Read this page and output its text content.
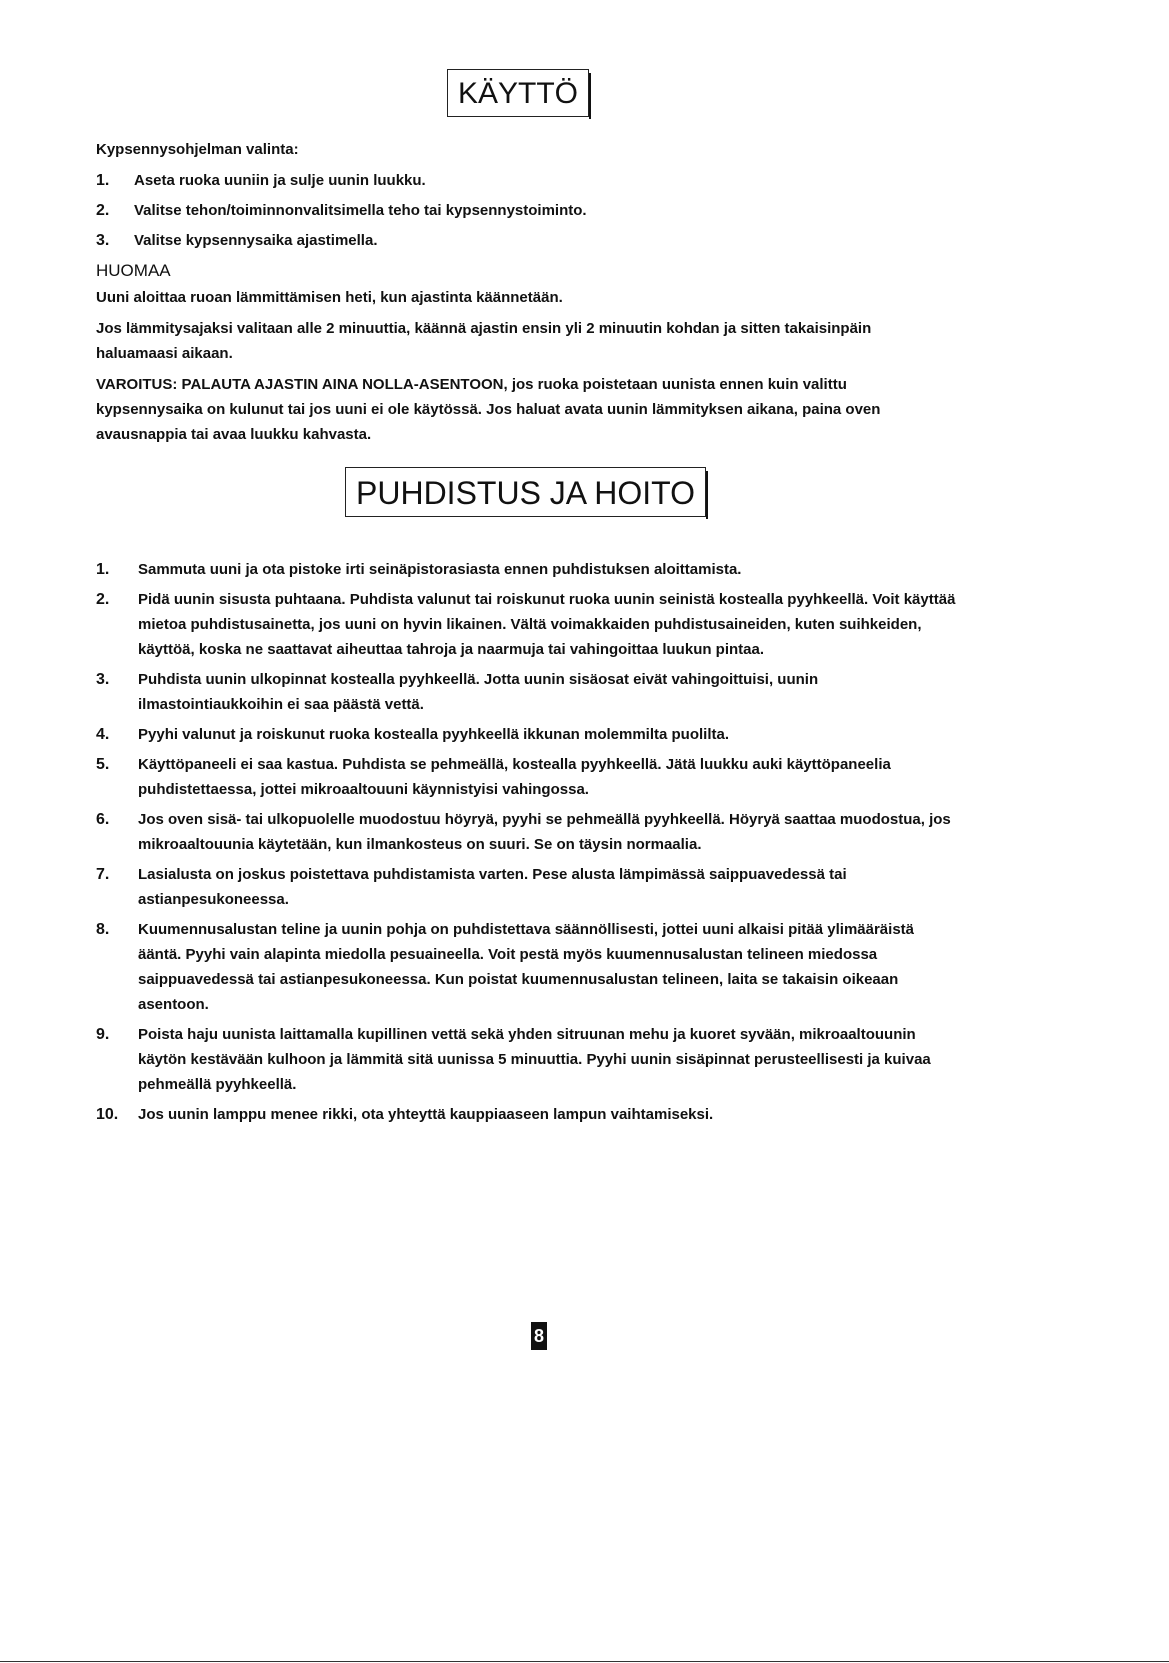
KÄYTTÖ
Kypsennysohjelman valinta:
1.	Aseta ruoka uuniin ja sulje uunin luukku.
2.	Valitse tehon/toiminnonvalitsimella teho tai kypsennystoiminto.
3.	Valitse kypsennysaika ajastimella.
HUOMAA
Uuni aloittaa ruoan lämmittämisen heti, kun ajastinta käännetään.
Jos lämmitysajaksi valitaan alle 2 minuuttia, käännä ajastin ensin yli 2 minuutin kohdan ja sitten takaisinpäin haluamaasi aikaan.
VAROITUS: PALAUTA AJASTIN AINA NOLLA-ASENTOON, jos ruoka poistetaan uunista ennen kuin valittu kypsennysaika on kulunut tai jos uuni ei ole käytössä. Jos haluat avata uunin lämmityksen aikana, paina oven avausnappia tai avaa luukku kahvasta.
PUHDISTUS JA HOITO
1.	Sammuta uuni ja ota pistoke irti seinäpistorasiasta ennen puhdistuksen aloittamista.
2.	Pidä uunin sisusta puhtaana. Puhdista valunut tai roiskunut ruoka uunin seinistä kostealla pyyhkeellä. Voit käyttää mietoa puhdistusainetta, jos uuni on hyvin likainen. Vältä voimakkaiden puhdistusaineiden, kuten suihkeiden, käyttöä, koska ne saattavat aiheuttaa tahroja ja naarmuja tai vahingoittaa luukun pintaa.
3.	Puhdista uunin ulkopinnat kostealla pyyhkeellä. Jotta uunin sisäosat eivät vahingoittuisi, uunin ilmastointiaukkoihin ei saa päästä vettä.
4.	Pyyhi valunut ja roiskunut ruoka kostealla pyyhkeellä ikkunan molemmilta puolilta.
5.	Käyttöpaneeli ei saa kastua. Puhdista se pehmeällä, kostealla pyyhkeellä. Jätä luukku auki käyttöpaneelia puhdistettaessa, jottei mikroaaltouuni käynnistyisi vahingossa.
6.	Jos oven sisä- tai ulkopuolelle muodostuu höyryä, pyyhi se pehmeällä pyyhkeellä. Höyryä saattaa muodostua, jos mikroaaltouunia käytetään, kun ilmankosteus on suuri. Se on täysin normaalia.
7.	Lasialusta on joskus poistettava puhdistamista varten. Pese alusta lämpimässä saippuavedessä tai astianpesukoneessa.
8.	Kuumennusalustan teline ja uunin pohja on puhdistettava säännöllisesti, jottei uuni alkaisi pitää ylimääräistä ääntä. Pyyhi vain alapinta miedolla pesuaineella. Voit pestä myös kuumennusalustan telineen miedossa saippuavedessä tai astianpesukoneessa. Kun poistat kuumennusalustan telineen, laita se takaisin oikeaan asentoon.
9.	Poista haju uunista laittamalla kupillinen vettä sekä yhden sitruunan mehu ja kuoret syvään, mikroaaltouunin käytön kestävään kulhoon ja lämmitä sitä uunissa 5 minuuttia. Pyyhi uunin sisäpinnat perusteellisesti ja kuivaa pehmeällä pyyhkeellä.
10.	Jos uunin lamppu menee rikki, ota yhteyttä kauppiaaseen lampun vaihtamiseksi.
8
